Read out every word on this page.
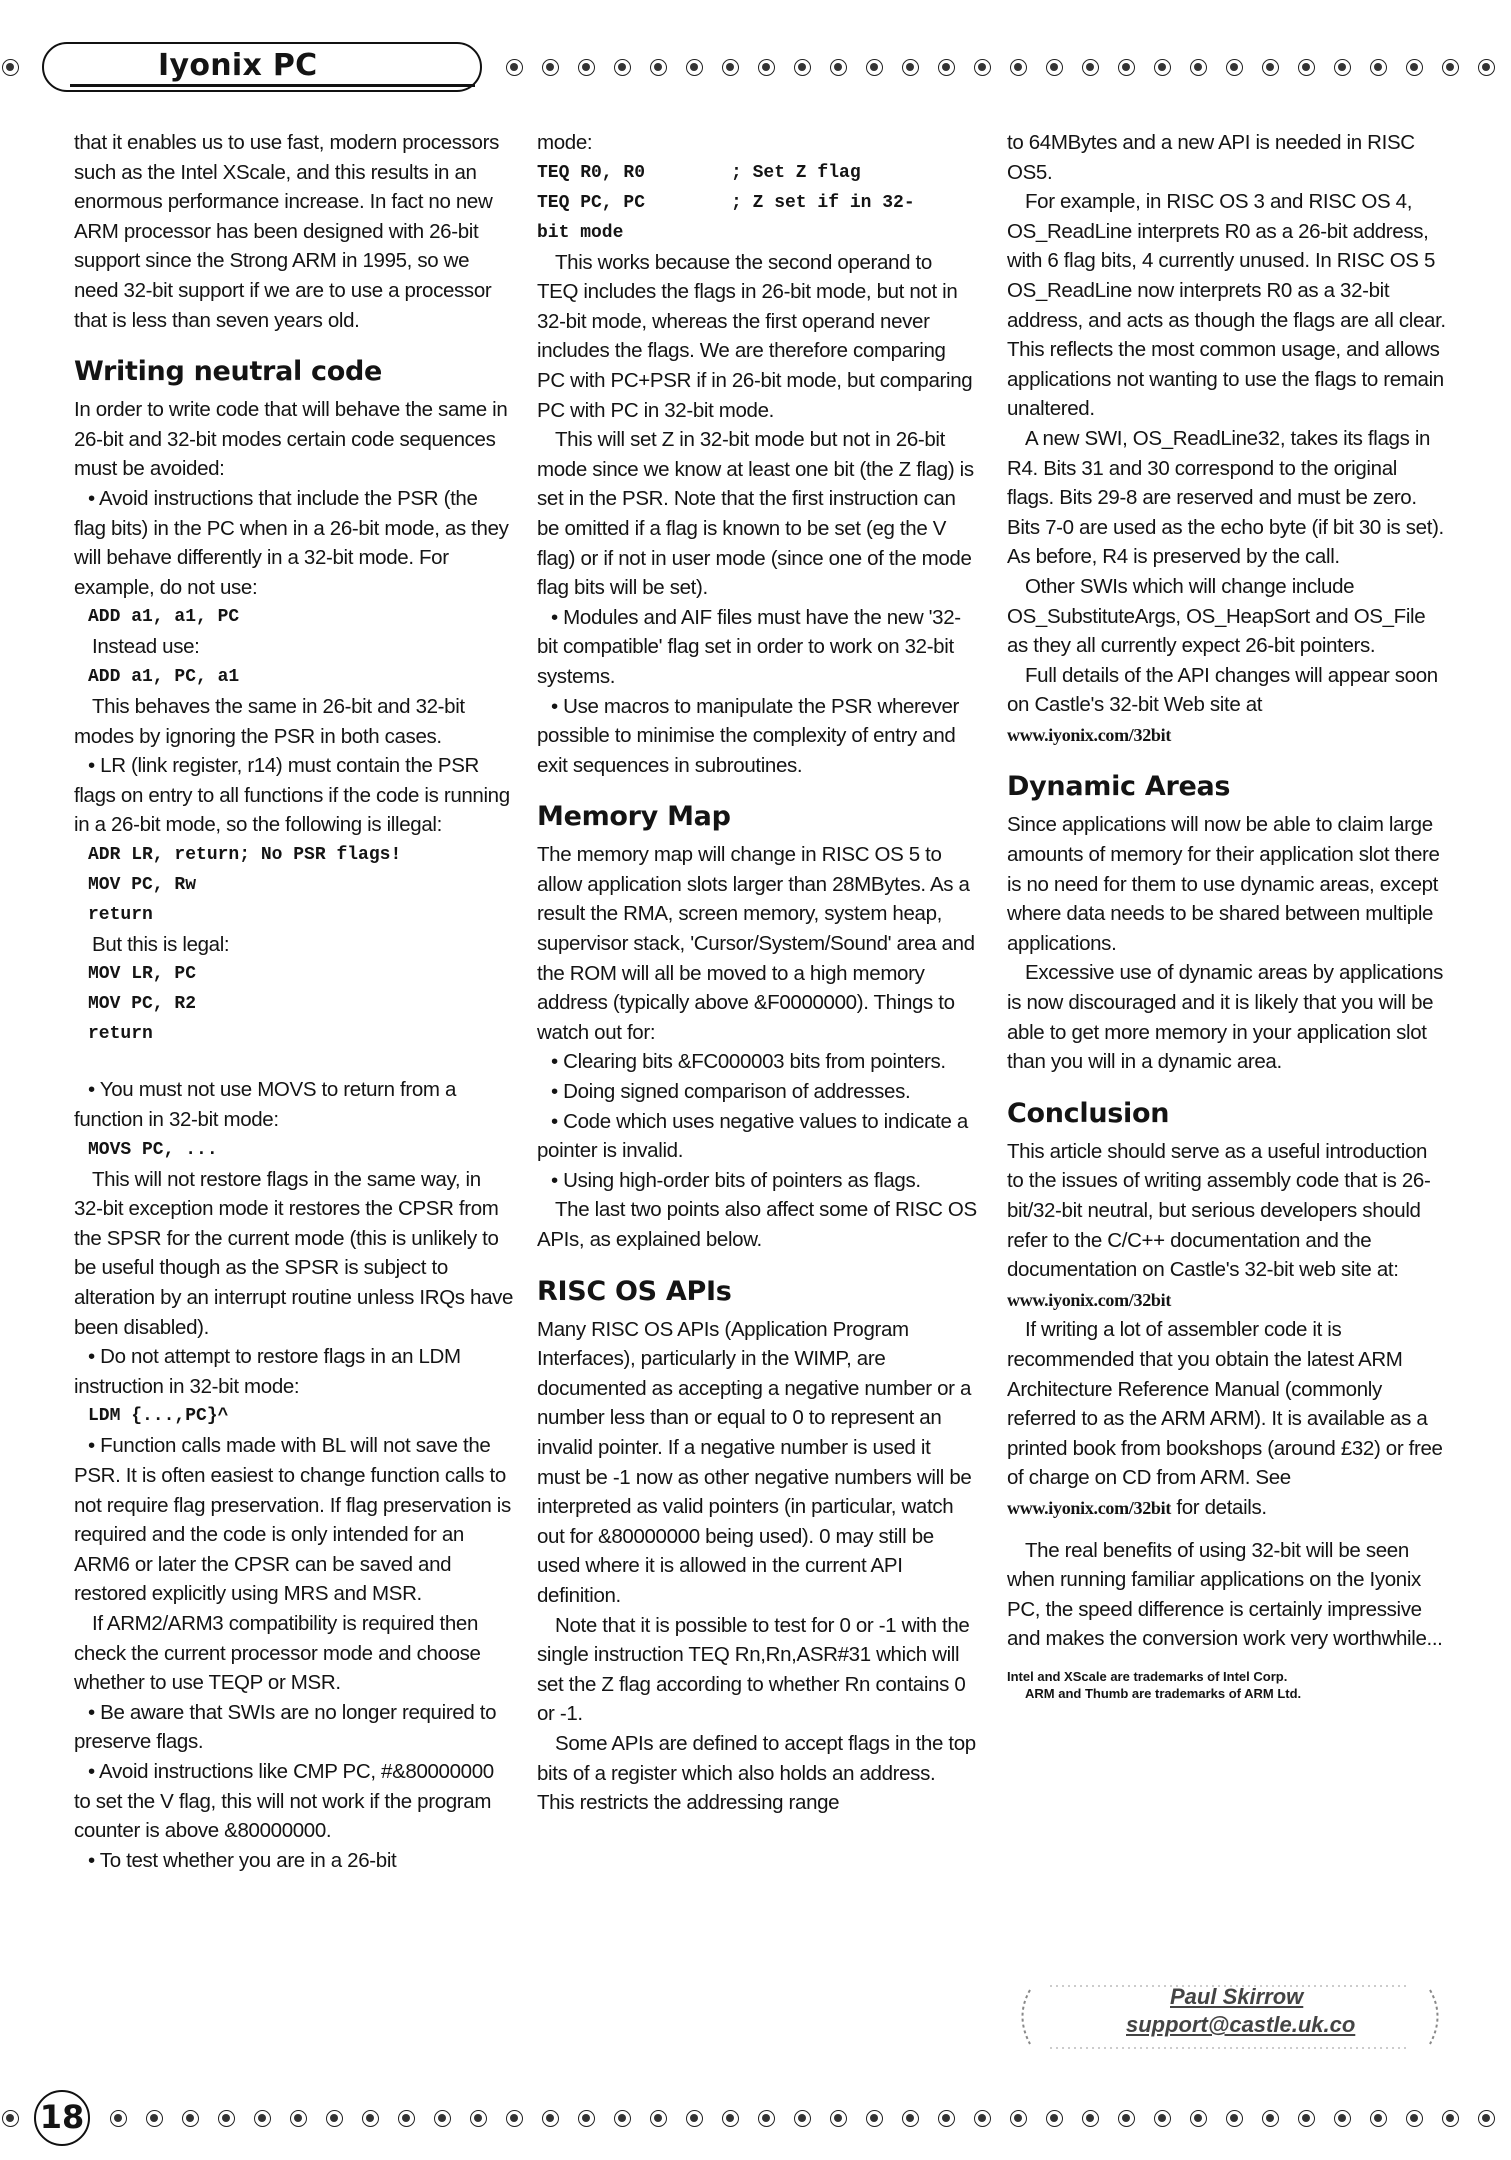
Iyonix PC

that it enables us to use fast, modern processors such as the Intel XScale, and this results in an enormous performance increase. In fact no new ARM processor has been designed with 26-bit support since the Strong ARM in 1995, so we need 32-bit support if we are to use a processor that is less than seven years old.

Writing neutral code

In order to write code that will behave the same in 26-bit and 32-bit modes certain code sequences must be avoided:

• Avoid instructions that include the PSR (the flag bits) in the PC when in a 26-bit mode, as they will behave differently in a 32-bit mode. For example, do not use:

ADD a1, a1, PC

Instead use:

ADD a1, PC, a1

This behaves the same in 26-bit and 32-bit modes by ignoring the PSR in both cases.

• LR (link register, r14) must contain the PSR flags on entry to all functions if the code is running in a 26-bit mode, so the following is illegal:

ADR LR, return; No PSR flags!

MOV PC, Rw

return

But this is legal:

MOV LR, PC

MOV PC, R2

return

• You must not use MOVS to return from a function in 32-bit mode:

MOVS PC, ...

This will not restore flags in the same way, in 32-bit exception mode it restores the CPSR from the SPSR for the current mode (this is unlikely to be useful though as the SPSR is subject to alteration by an interrupt routine unless IRQs have been disabled).

• Do not attempt to restore flags in an LDM instruction in 32-bit mode:

LDM {...,PC}^

• Function calls made with BL will not save the PSR. It is often easiest to change function calls to not require flag preservation. If flag preservation is required and the code is only intended for an ARM6 or later the CPSR can be saved and restored explicitly using MRS and MSR.

If ARM2/ARM3 compatibility is required then check the current processor mode and choose whether to use TEQP or MSR.

• Be aware that SWIs are no longer required to preserve flags.

• Avoid instructions like CMP PC, #&80000000 to set the V flag, this will not work if the program counter is above &80000000.

• To test whether you are in a 26-bit

mode:

TEQ R0, R0	; Set Z flag
TEQ PC, PC	; Z set if in 32-

bit mode

This works because the second operand to TEQ includes the flags in 26-bit mode, but not in 32-bit mode, whereas the first operand never includes the flags. We are therefore comparing PC with PC+PSR if in 26-bit mode, but comparing PC with PC in 32-bit mode.

This will set Z in 32-bit mode but not in 26-bit mode since we know at least one bit (the Z flag) is set in the PSR. Note that the first instruction can be omitted if a flag is known to be set (eg the V flag) or if not in user mode (since one of the mode flag bits will be set).

• Modules and AIF files must have the new '32-bit compatible' flag set in order to work on 32-bit systems.

• Use macros to manipulate the PSR wherever possible to minimise the complexity of entry and exit sequences in subroutines.

Memory Map

The memory map will change in RISC OS 5 to allow application slots larger than 28MBytes. As a result the RMA, screen memory, system heap, supervisor stack, 'Cursor/System/Sound' area and the ROM will all be moved to a high memory address (typically above &F0000000). Things to watch out for:

• Clearing bits &FC000003 bits from pointers.

• Doing signed comparison of addresses.

• Code which uses negative values to indicate a pointer is invalid.

• Using high-order bits of pointers as flags.

The last two points also affect some of RISC OS APIs, as explained below.

RISC OS APIs

Many RISC OS APIs (Application Program Interfaces), particularly in the WIMP, are documented as accepting a negative number or a number less than or equal to 0 to represent an invalid pointer. If a negative number is used it must be -1 now as other negative numbers will be interpreted as valid pointers (in particular, watch out for &80000000 being used). 0 may still be used where it is allowed in the current API definition.

Note that it is possible to test for 0 or -1 with the single instruction TEQ Rn,Rn,ASR#31 which will set the Z flag according to whether Rn contains 0 or -1.

Some APIs are defined to accept flags in the top bits of a register which also holds an address. This restricts the addressing range

to 64MBytes and a new API is needed in RISC OS5.

For example, in RISC OS 3 and RISC OS 4, OS_ReadLine interprets R0 as a 26-bit address, with 6 flag bits, 4 currently unused. In RISC OS 5 OS_ReadLine now interprets R0 as a 32-bit address, and acts as though the flags are all clear. This reflects the most common usage, and allows applications not wanting to use the flags to remain unaltered.

A new SWI, OS_ReadLine32, takes its flags in R4. Bits 31 and 30 correspond to the original flags. Bits 29-8 are reserved and must be zero. Bits 7-0 are used as the echo byte (if bit 30 is set). As before, R4 is preserved by the call.

Other SWIs which will change include OS_SubstituteArgs, OS_HeapSort and OS_File as they all currently expect 26-bit pointers.

Full details of the API changes will appear soon on Castle's 32-bit Web site at

www.iyonix.com/32bit

Dynamic Areas

Since applications will now be able to claim large amounts of memory for their application slot there is no need for them to use dynamic areas, except where data needs to be shared between multiple applications.

Excessive use of dynamic areas by applications is now discouraged and it is likely that you will be able to get more memory in your application slot than you will in a dynamic area.

Conclusion

This article should serve as a useful introduction to the issues of writing assembly code that is 26-bit/32-bit neutral, but serious developers should refer to the C/C++ documentation and the documentation on Castle's 32-bit web site at:

www.iyonix.com/32bit

If writing a lot of assembler code it is recommended that you obtain the latest ARM Architecture Reference Manual (commonly referred to as the ARM ARM). It is available as a printed book from bookshops (around £32) or free of charge on CD from ARM. See www.iyonix.com/32bit for details.

The real benefits of using 32-bit will be seen when running familiar applications on the Iyonix PC, the speed difference is certainly impressive and makes the conversion work very worthwhile...

Intel and XScale are trademarks of Intel Corp.

ARM and Thumb are trademarks of ARM Ltd.

Paul Skirrow
support@castle.uk.co
18
